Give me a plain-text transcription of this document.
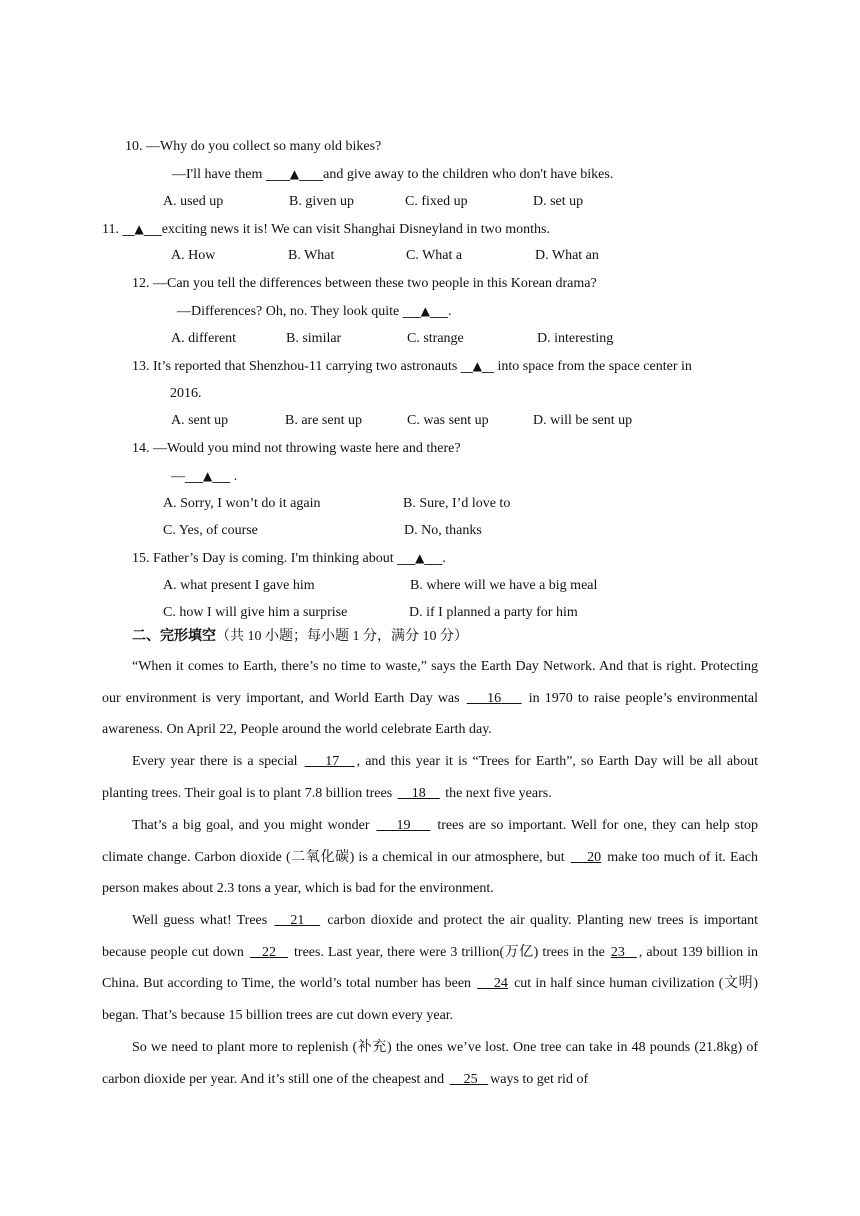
10. —Why do you collect so many old bikes?
—I'll have them ____▲____and give away to the children who don't have bikes.
A. used up	B. given up	C. fixed up	D. set up
11. __▲___exciting news it is! We can visit Shanghai Disneyland in two months.
A. How	B. What	C. What a	D. What an
12. —Can you tell the differences between these two people in this Korean drama?
—Differences? Oh, no. They look quite ___▲___.
A. different	B. similar	C. strange	D. interesting
13. It’s reported that Shenzhou-11 carrying two astronauts __▲__ into space from the space center in
2016.
A. sent up	B. are sent up	C. was sent up	D. will be sent up
14. —Would you mind not throwing waste here and there?
—___▲___ .
A. Sorry, I won’t do it again	B. Sure, I’d love to
C. Yes, of course	D. No, thanks
15. Father’s Day is coming. I'm thinking about ___▲___.
A. what present I gave him	B. where will we have a big meal
C. how I will give him a surprise	D. if I planned a party for him
二、完形填空（共 10 小题；每小题 1 分，满分 10 分）
“When it comes to Earth, there’s no time to waste,” says the Earth Day Network. And that is right. Protecting our environment is very important, and World Earth Day was     16     in 1970 to raise people’s environmental awareness. On April 22, People around the world celebrate Earth day.
Every year there is a special     17 , and this year it is “Trees for Earth”, so Earth Day will be all about planting trees. Their goal is to plant 7.8 billion trees     18     the next five years.
That’s a big goal, and you might wonder     19     trees are so important. Well for one, they can help stop climate change. Carbon dioxide (二氧化碳) is a chemical in our atmosphere, but     20 make too much of it. Each person makes about 2.3 tons a year, which is bad for the environment.
Well guess what! Trees    21    carbon dioxide and protect the air quality. Planting new trees is important because people cut down    22    trees. Last year, there were 3 trillion(万亿) trees in the 23 , about 139 billion in China. But according to Time, the world’s total number has been     24 cut in half since human civilization (文明) began. That’s because 15 billion trees are cut down every year.
So we need to plant more to replenish (补充) the ones we’ve lost. One tree can take in 48 pounds (21.8kg) of carbon dioxide per year. And it’s still one of the cheapest and     25 ways to get rid of
